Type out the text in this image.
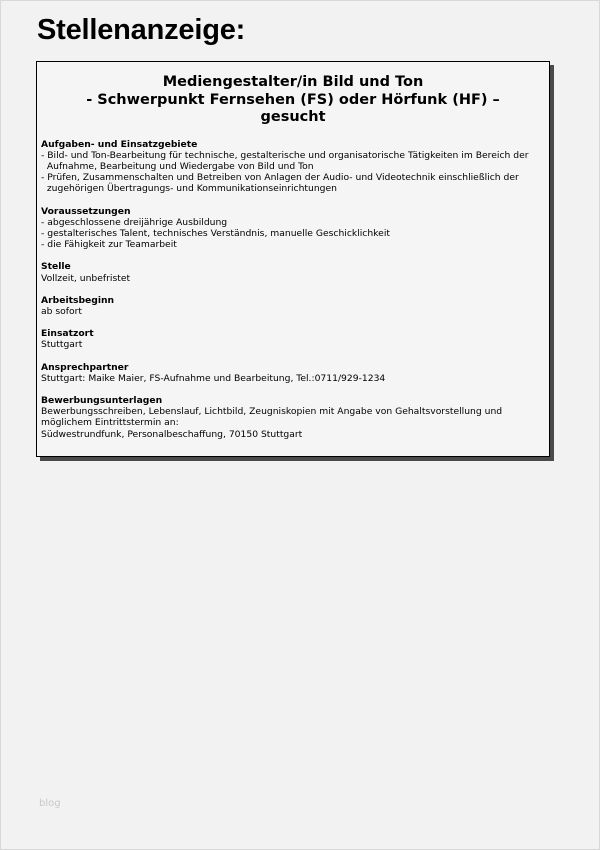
Stellenanzeige:
Mediengestalter/in Bild und Ton
- Schwerpunkt Fernsehen (FS) oder Hörfunk (HF) –
gesucht
Aufgaben- und Einsatzgebiete
- Bild- und Ton-Bearbeitung für technische, gestalterische und organisatorische Tätigkeiten im Bereich der
Aufnahme, Bearbeitung und Wiedergabe von Bild und Ton
- Prüfen, Zusammenschalten und Betreiben von Anlagen der Audio- und Videotechnik einschließlich der
zugehörigen Übertragungs- und Kommunikationseinrichtungen
Voraussetzungen
- abgeschlossene dreijährige Ausbildung
- gestalterisches Talent, technisches Verständnis, manuelle Geschicklichkeit
- die Fähigkeit zur Teamarbeit
Stelle
Vollzeit, unbefristet
Arbeitsbeginn
ab sofort
Einsatzort
Stuttgart
Ansprechpartner
Stuttgart: Maike Maier, FS-Aufnahme und Bearbeitung, Tel.:0711/929-1234
Bewerbungsunterlagen
Bewerbungsschreiben, Lebenslauf, Lichtbild, Zeugniskopien mit Angabe von Gehaltsvorstellung und
möglichem Eintrittstermin an:
Südwestrundfunk, Personalbeschaffung, 70150 Stuttgart
blog
